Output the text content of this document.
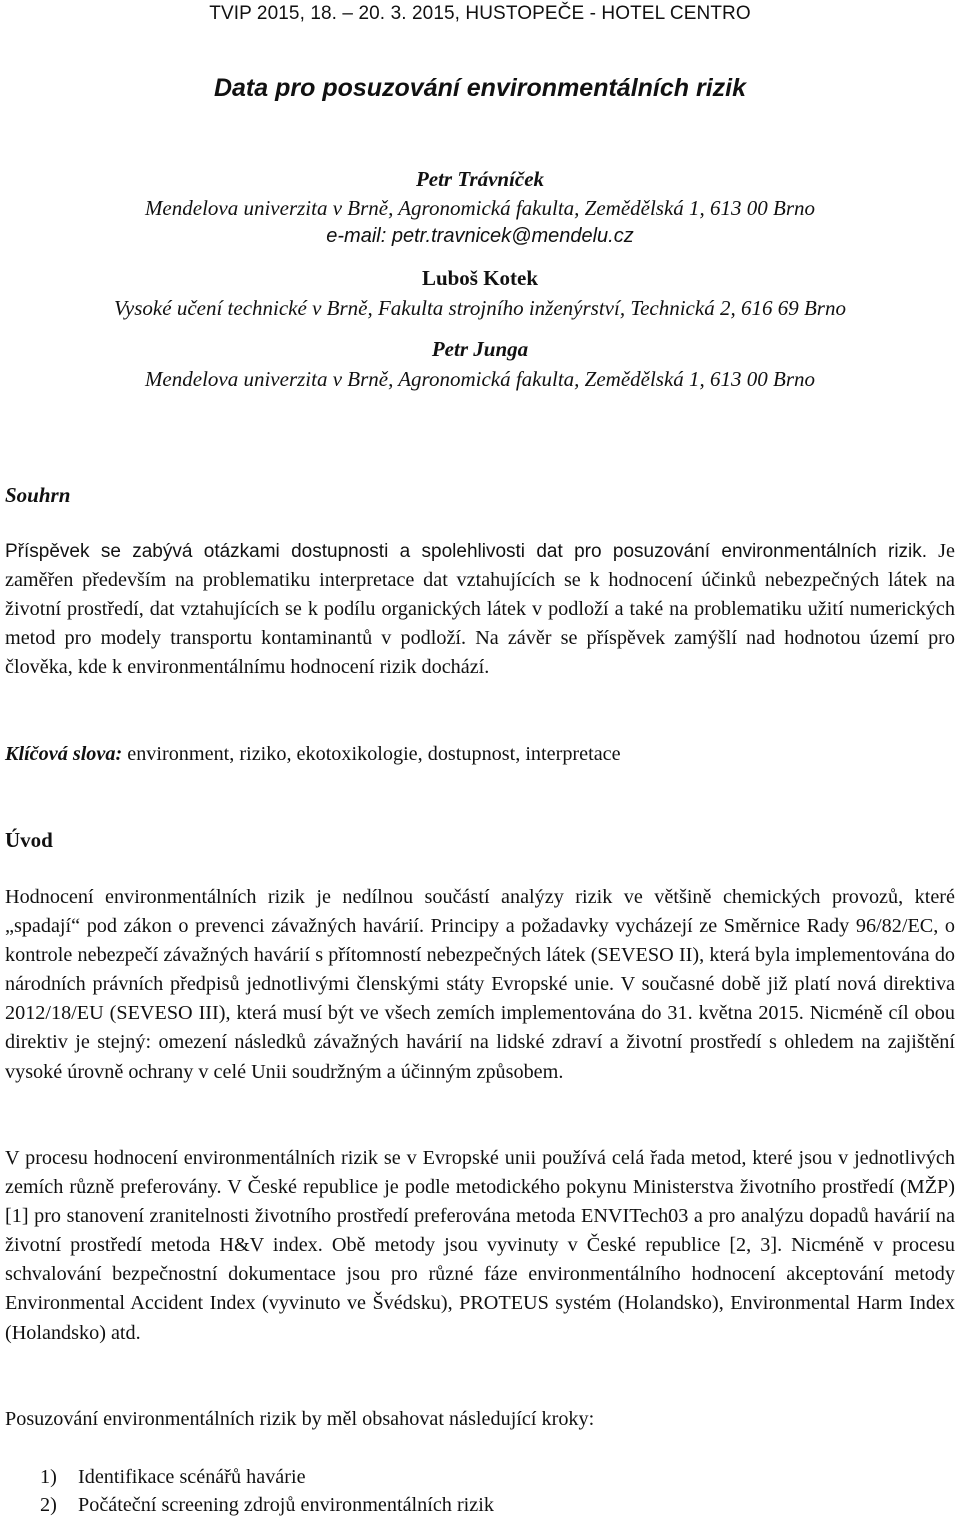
TVIP 2015, 18. – 20. 3. 2015, HUSTOPEČE - HOTEL CENTRO
Data pro posuzování environmentálních rizik
Petr Trávníček
Mendelova univerzita v Brně, Agronomická fakulta, Zemědělská 1, 613 00 Brno
e-mail: petr.travnicek@mendelu.cz
Luboš Kotek
Vysoké učení technické v Brně, Fakulta strojního inženýrství, Technická 2, 616 69 Brno
Petr Junga
Mendelova univerzita v Brně, Agronomická fakulta, Zemědělská 1, 613 00 Brno
Souhrn
Příspěvek se zabývá otázkami dostupnosti a spolehlivosti dat pro posuzování environmentálních rizik. Je zaměřen především na problematiku interpretace dat vztahujících se k hodnocení účinků nebezpečných látek na životní prostředí, dat vztahujících se k podílu organických látek v podloží a také na problematiku užití numerických metod pro modely transportu kontaminantů v podloží. Na závěr se příspěvek zamýšlí nad hodnotou území pro člověka, kde k environmentálnímu hodnocení rizik dochází.
Klíčová slova: environment, riziko, ekotoxikologie, dostupnost, interpretace
Úvod
Hodnocení environmentálních rizik je nedílnou součástí analýzy rizik ve většině chemických provozů, které „spadají“ pod zákon o prevenci závažných havárií. Principy a požadavky vycházejí ze Směrnice Rady 96/82/EC, o kontrole nebezpečí závažných havárií s přítomností nebezpečných látek (SEVESO II), která byla implementována do národních právních předpisů jednotlivými členskými státy Evropské unie. V současné době již platí nová direktiva 2012/18/EU (SEVESO III), která musí být ve všech zemích implementována do 31. května 2015. Nicméně cíl obou direktiv je stejný: omezení následků závažných havárií na lidské zdraví a životní prostředí s ohledem na zajištění vysoké úrovně ochrany v celé Unii soudržným a účinným způsobem.
V procesu hodnocení environmentálních rizik se v Evropské unii používá celá řada metod, které jsou v jednotlivých zemích různě preferovány. V České republice je podle metodického pokynu Ministerstva životního prostředí (MŽP) [1] pro stanovení zranitelnosti životního prostředí preferována metoda ENVITech03 a pro analýzu dopadů havárií na životní prostředí metoda H&V index. Obě metody jsou vyvinuty v České republice [2, 3]. Nicméně v procesu schvalování bezpečnostní dokumentace jsou pro různé fáze environmentálního hodnocení akceptování metody Environmental Accident Index (vyvinuto ve Švédsku), PROTEUS systém (Holandsko), Environmental Harm Index (Holandsko) atd.
Posuzování environmentálních rizik by měl obsahovat následující kroky:
1) Identifikace scénářů havárie
2) Počáteční screening zdrojů environmentálních rizik
